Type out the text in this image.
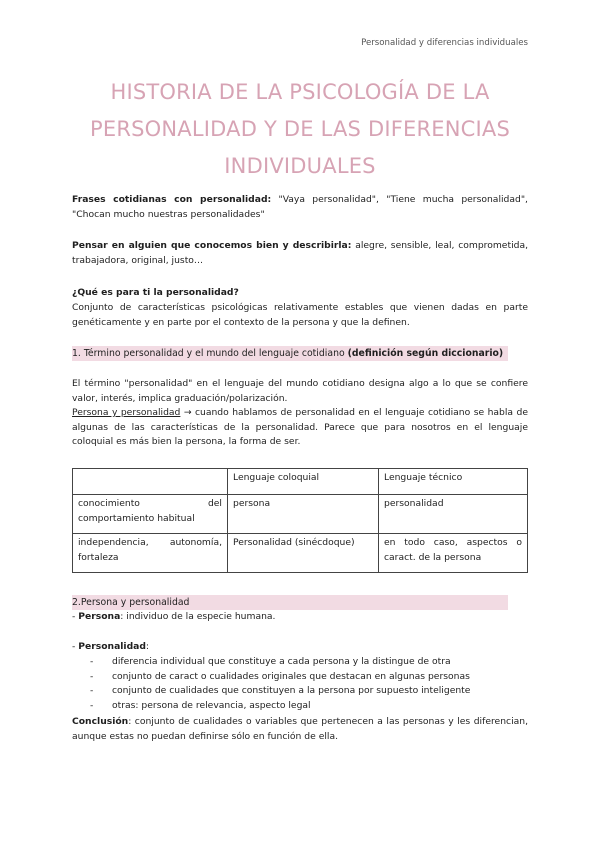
Personalidad y diferencias individuales
HISTORIA DE LA PSICOLOGÍA DE LA
PERSONALIDAD Y DE LAS DIFERENCIAS
INDIVIDUALES

Frases cotidianas con personalidad: "Vaya personalidad", "Tiene mucha personalidad", "Chocan mucho nuestras personalidades"

Pensar en alguien que conocemos bien y describirla: alegre, sensible, leal, comprometida, trabajadora, original, justo…

¿Qué es para ti la personalidad?

Conjunto de características psicológicas relativamente estables que vienen dadas en parte genéticamente y en parte por el contexto de la persona y que la definen.

1. Término personalidad y el mundo del lenguaje cotidiano (definición según diccionario)

El término "personalidad" en el lenguaje del mundo cotidiano designa algo a lo que se confiere valor, interés, implica graduación/polarización.

Persona y personalidad → cuando hablamos de personalidad en el lenguaje cotidiano se habla de algunas de las características de la personalidad. Parece que para nosotros en el lenguaje coloquial es más bien la persona, la forma de ser.

	Lenguaje coloquial	Lenguaje técnico
conocimiento del comportamiento habitual	persona	personalidad
independencia, autonomía, fortaleza	Personalidad (sinécdoque)	en todo caso, aspectos o caract. de la persona
2.Persona y personalidad

- Persona: individuo de la especie humana.

- Personalidad:

- diferencia individual que constituye a cada persona y la distingue de otra
- conjunto de caract o cualidades originales que destacan en algunas personas
- conjunto de cualidades que constituyen a la persona por supuesto inteligente
- otras: persona de relevancia, aspecto legal

Conclusión: conjunto de cualidades o variables que pertenecen a las personas y les diferencian, aunque estas no puedan definirse sólo en función de ella.
